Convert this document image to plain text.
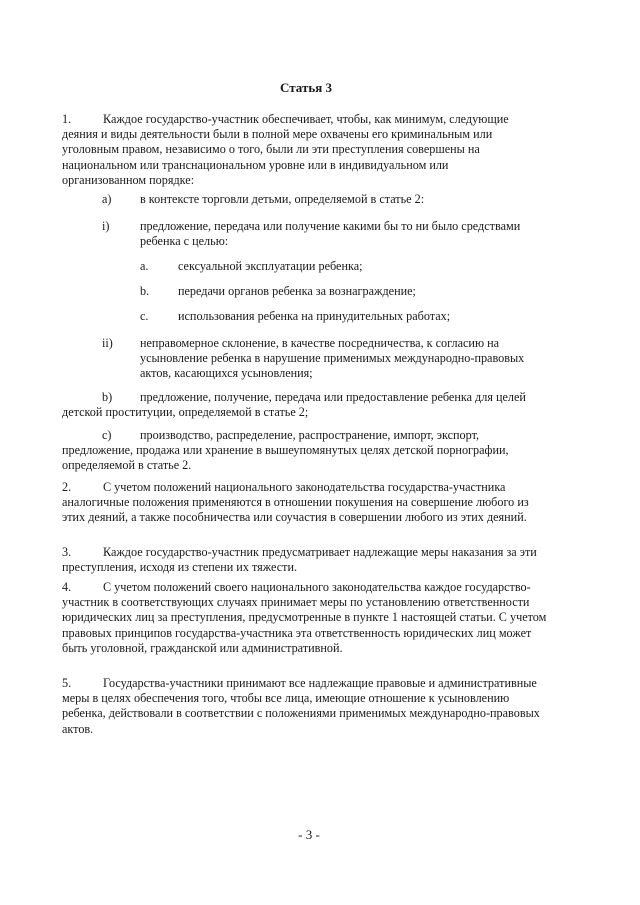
Статья 3
1.	Каждое государство-участник обеспечивает, чтобы, как минимум, следующие деяния и виды деятельности были в полной мере охвачены его криминальным или уголовным правом, независимо о того, были ли эти преступления совершены на национальном или транснациональном уровне или в индивидуальном или организованном порядке:

a) в контексте торговли детьми, определяемой в статье 2:

i)	предложение, передача или получение какими бы то ни было средствами ребенка с целью:

a. сексуальной эксплуатации ребенка;

b. передачи органов ребенка за вознаграждение;

c. использования ребенка на принудительных работах;

ii) неправомерное склонение, в качестве посредничества, к согласию на усыновление ребенка в нарушение применимых международно-правовых актов, касающихся усыновления;

b)	предложение, получение, передача или предоставление ребенка для целей детской проституции, определяемой в статье 2;

c)	производство, распределение, распространение, импорт, экспорт, предложение, продажа или хранение в вышеупомянутых целях детской порнографии, определяемой в статье 2.

2.	С учетом положений национального законодательства государства-участника аналогичные положения применяются в отношении покушения на совершение любого из этих деяний, а также пособничества или соучастия в совершении любого из этих деяний.

3.	Каждое государство-участник предусматривает надлежащие меры наказания за эти преступления, исходя из степени их тяжести.

4.	С учетом положений своего национального законодательства каждое государство-участник в соответствующих случаях принимает меры по установлению ответственности юридических лиц за преступления, предусмотренные в пункте 1 настоящей статьи. С учетом правовых принципов государства-участника эта ответственность юридических лиц может быть уголовной, гражданской или административной.

5.	Государства-участники принимают все надлежащие правовые и административные меры в целях обеспечения того, чтобы все лица, имеющие отношение к усыновлению ребенка, действовали в соответствии с положениями применимых международно-правовых актов.

- 3 -
